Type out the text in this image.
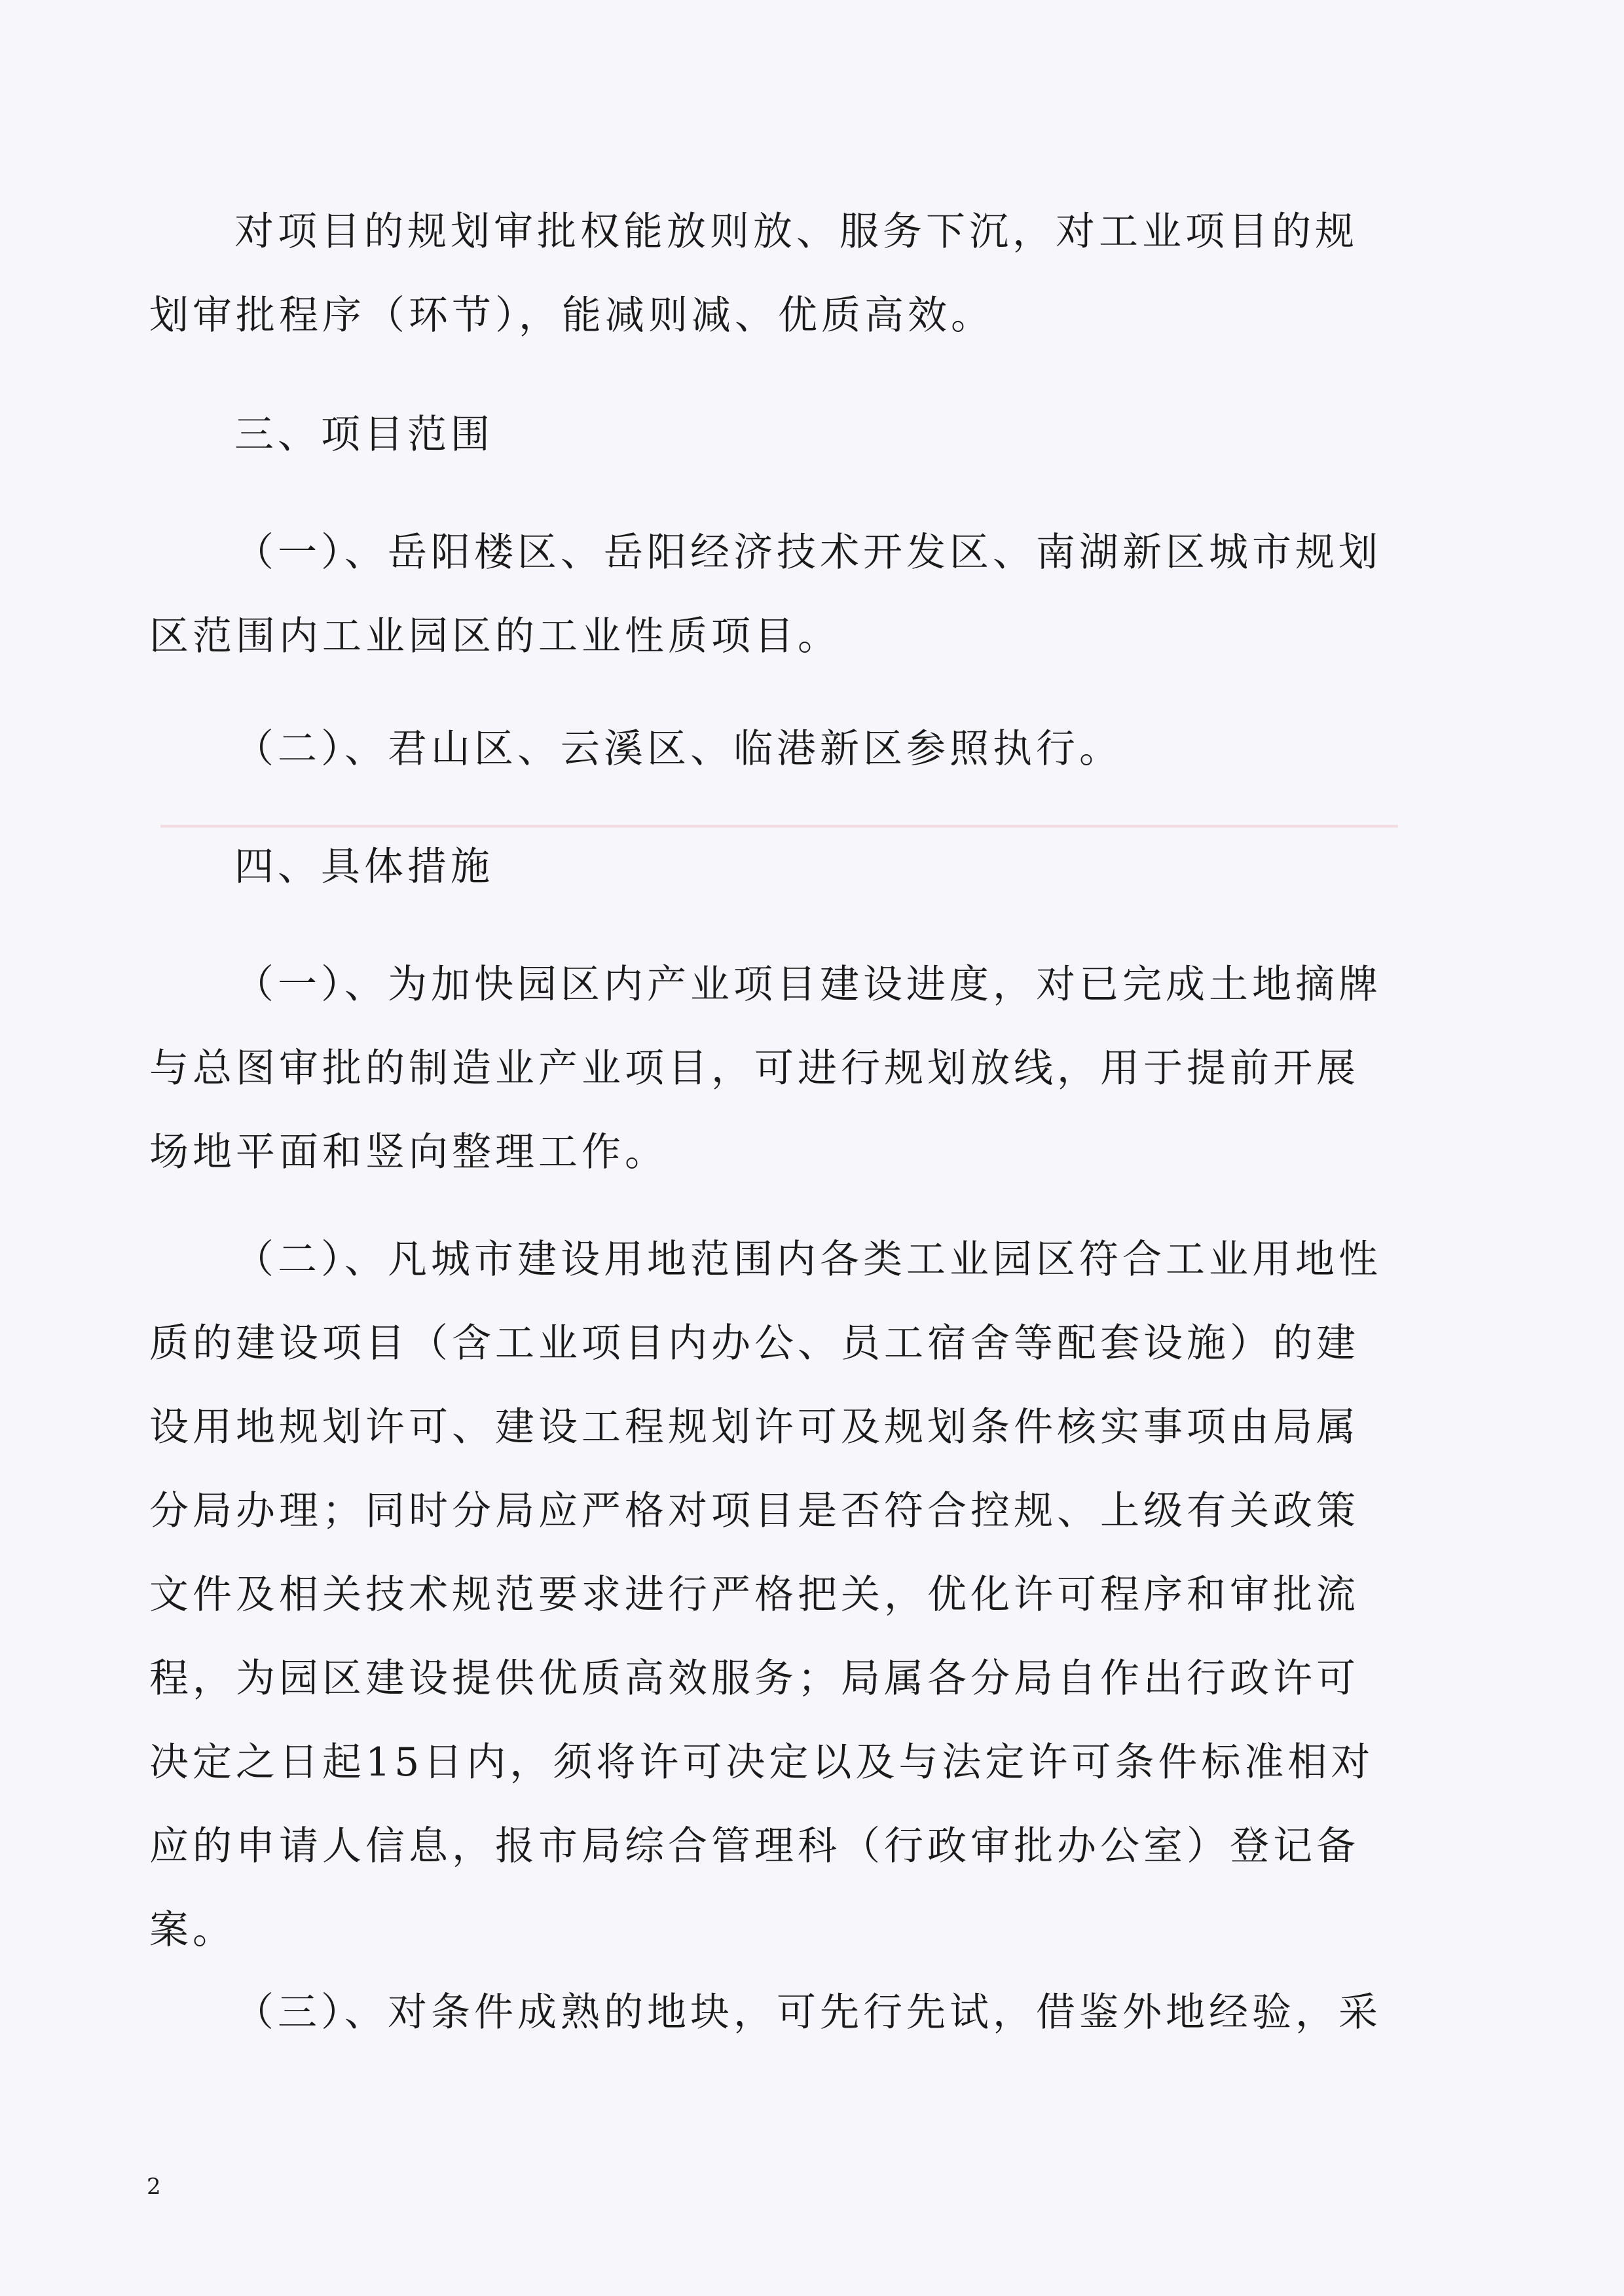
对项目的规划审批权能放则放、服务下沉，对工业项目的规
划审批程序（环节），能减则减、优质高效。
三、项目范围
（一）、岳阳楼区、岳阳经济技术开发区、南湖新区城市规划
区范围内工业园区的工业性质项目。
（二）、君山区、云溪区、临港新区参照执行。
四、具体措施
（一）、为加快园区内产业项目建设进度，对已完成土地摘牌
与总图审批的制造业产业项目，可进行规划放线，用于提前开展
场地平面和竖向整理工作。
（二）、凡城市建设用地范围内各类工业园区符合工业用地性
质的建设项目（含工业项目内办公、员工宿舍等配套设施）的建
设用地规划许可、建设工程规划许可及规划条件核实事项由局属
分局办理；同时分局应严格对项目是否符合控规、上级有关政策
文件及相关技术规范要求进行严格把关，优化许可程序和审批流
程，为园区建设提供优质高效服务；局属各分局自作出行政许可
决定之日起15日内，须将许可决定以及与法定许可条件标准相对
应的申请人信息，报市局综合管理科（行政审批办公室）登记备
案。
（三）、对条件成熟的地块，可先行先试，借鉴外地经验，采
2
